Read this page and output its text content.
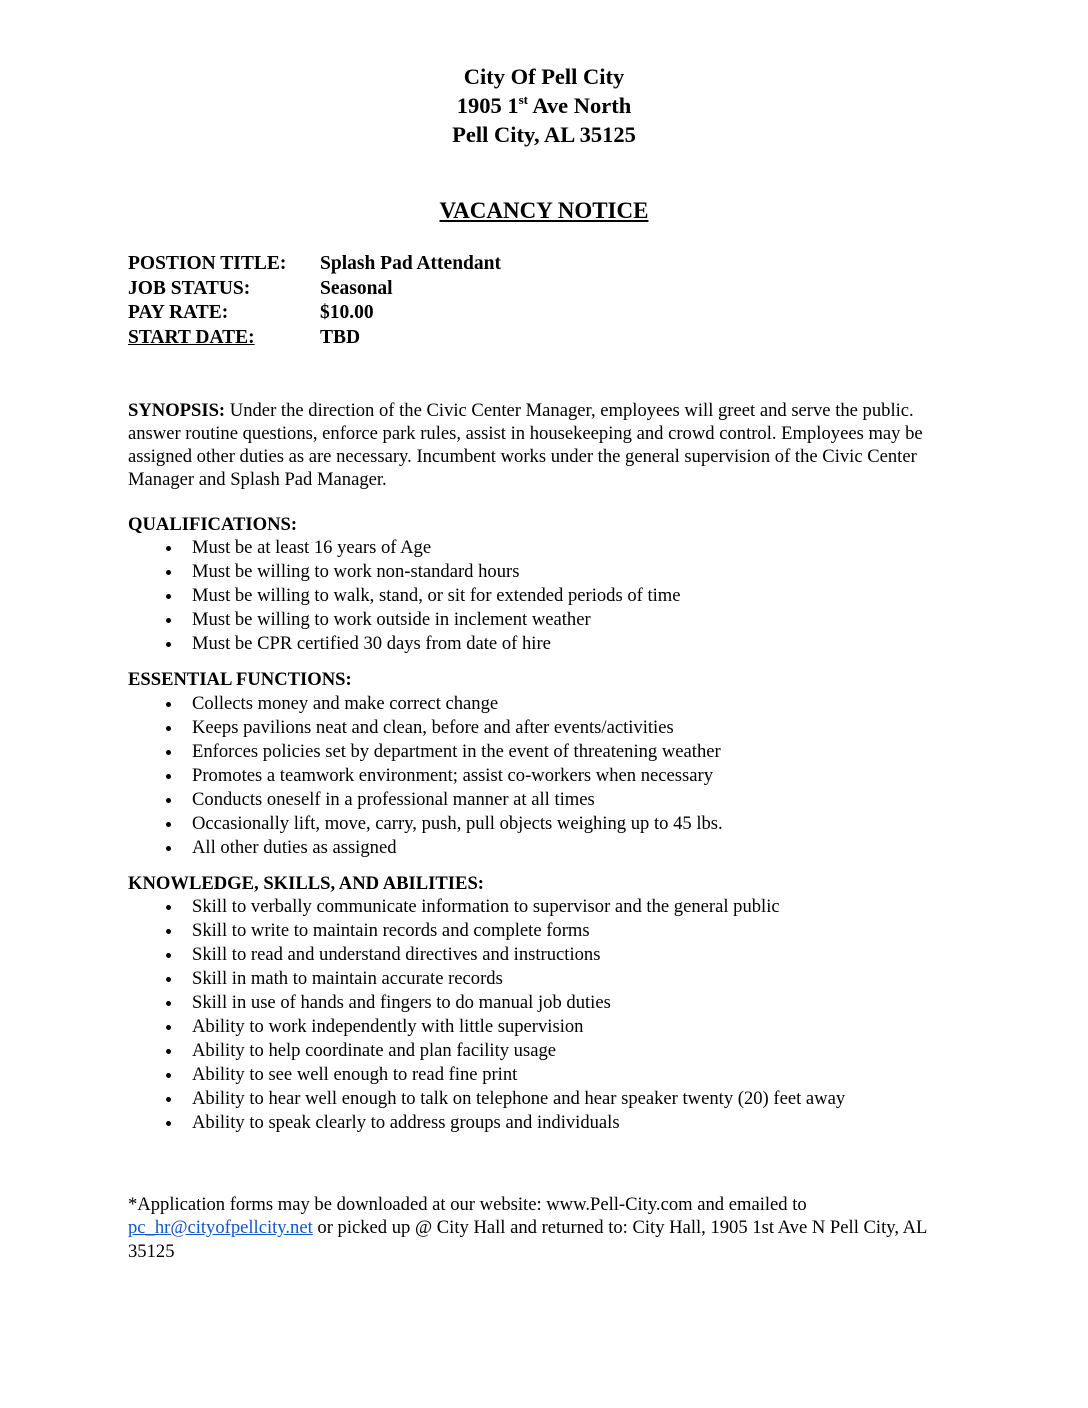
City Of Pell City
1905 1st Ave North
Pell City, AL 35125
VACANCY NOTICE
POSTION TITLE: Splash Pad Attendant
JOB STATUS:	Seasonal
PAY RATE:	$10.00
START DATE:	TBD

SYNOPSIS: Under the direction of the Civic Center Manager, employees will greet and serve the public. answer routine questions, enforce park rules, assist in housekeeping and crowd control. Employees may be assigned other duties as are necessary. Incumbent works under the general supervision of the Civic Center Manager and Splash Pad Manager.

QUALIFICATIONS:
Must be at least 16 years of Age
Must be willing to work non-standard hours
Must be willing to walk, stand, or sit for extended periods of time
Must be willing to work outside in inclement weather
Must be CPR certified 30 days from date of hire
ESSENTIAL FUNCTIONS:
Collects money and make correct change
Keeps pavilions neat and clean, before and after events/activities
Enforces policies set by department in the event of threatening weather
Promotes a teamwork environment; assist co-workers when necessary
Conducts oneself in a professional manner at all times
Occasionally lift, move, carry, push, pull objects weighing up to 45 lbs.
All other duties as assigned
KNOWLEDGE, SKILLS, AND ABILITIES:
Skill to verbally communicate information to supervisor and the general public
Skill to write to maintain records and complete forms
Skill to read and understand directives and instructions
Skill in math to maintain accurate records
Skill in use of hands and fingers to do manual job duties
Ability to work independently with little supervision
Ability to help coordinate and plan facility usage
Ability to see well enough to read fine print
Ability to hear well enough to talk on telephone and hear speaker twenty (20) feet away
Ability to speak clearly to address groups and individuals
*Application forms may be downloaded at our website: www.Pell-City.com and emailed to pc_hr@cityofpellcity.net or picked up @ City Hall and returned to: City Hall, 1905 1st Ave N Pell City, AL 35125
